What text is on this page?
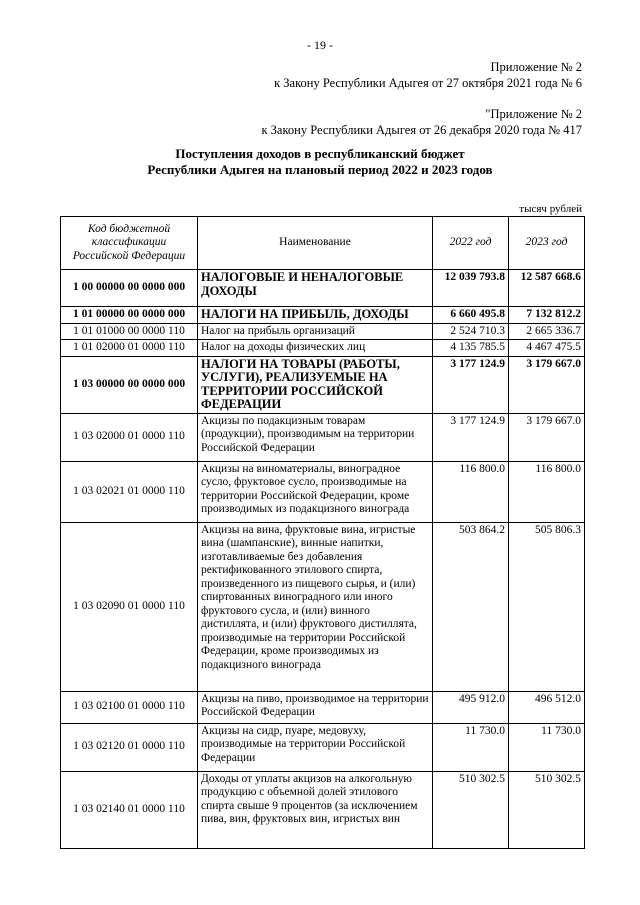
- 19 -
Приложение № 2
к Закону Республики Адыгея от 27 октября 2021 года № 6
"Приложение № 2
к Закону Республики Адыгея от 26 декабря 2020 года № 417
Поступления доходов в республиканский бюджет
Республики Адыгея на плановый период 2022 и 2023 годов
тысяч рублей
Код бюджетной классификации Российской Федерации	Наименование	2022 год	2023 год
1 00 00000 00 0000 000	НАЛОГОВЫЕ И НЕНАЛОГОВЫЕ ДОХОДЫ	12 039 793.8	12 587 668.6
1 01 00000 00 0000 000	НАЛОГИ НА ПРИБЫЛЬ, ДОХОДЫ	6 660 495.8	7 132 812.2
1 01 01000 00 0000 110	Налог на прибыль организаций	2 524 710.3	2 665 336.7
1 01 02000 01 0000 110	Налог на доходы физических лиц	4 135 785.5	4 467 475.5
1 03 00000 00 0000 000	НАЛОГИ НА ТОВАРЫ (РАБОТЫ, УСЛУГИ), РЕАЛИЗУЕМЫЕ НА ТЕРРИТОРИИ РОССИЙСКОЙ ФЕДЕРАЦИИ	3 177 124.9	3 179 667.0
1 03 02000 01 0000 110	Акцизы по подакцизным товарам (продукции), производимым на территории Российской Федерации	3 177 124.9	3 179 667.0
1 03 02021 01 0000 110	Акцизы на виноматериалы, виноградное сусло, фруктовое сусло, производимые на территории Российской Федерации, кроме производимых из подакцизного винограда	116 800.0	116 800.0
1 03 02090 01 0000 110	Акцизы на вина, фруктовые вина, игристые вина (шампанские), винные напитки, изготавливаемые без добавления ректификованного этилового спирта, произведенного из пищевого сырья, и (или) спиртованных виноградного или иного фруктового сусла, и (или) винного дистиллята, и (или) фруктового дистиллята, производимые на территории Российской Федерации, кроме производимых из подакцизного винограда	503 864.2	505 806.3
1 03 02100 01 0000 110	Акцизы на пиво, производимое на территории Российской Федерации	495 912.0	496 512.0
1 03 02120 01 0000 110	Акцизы на сидр, пуаре, медовуху, производимые на территории Российской Федерации	11 730.0	11 730.0
1 03 02140 01 0000 110	Доходы от уплаты акцизов на алкогольную продукцию с объемной долей этилового спирта свыше 9 процентов (за исключением пива, вин, фруктовых вин, игристых вин	510 302.5	510 302.5
